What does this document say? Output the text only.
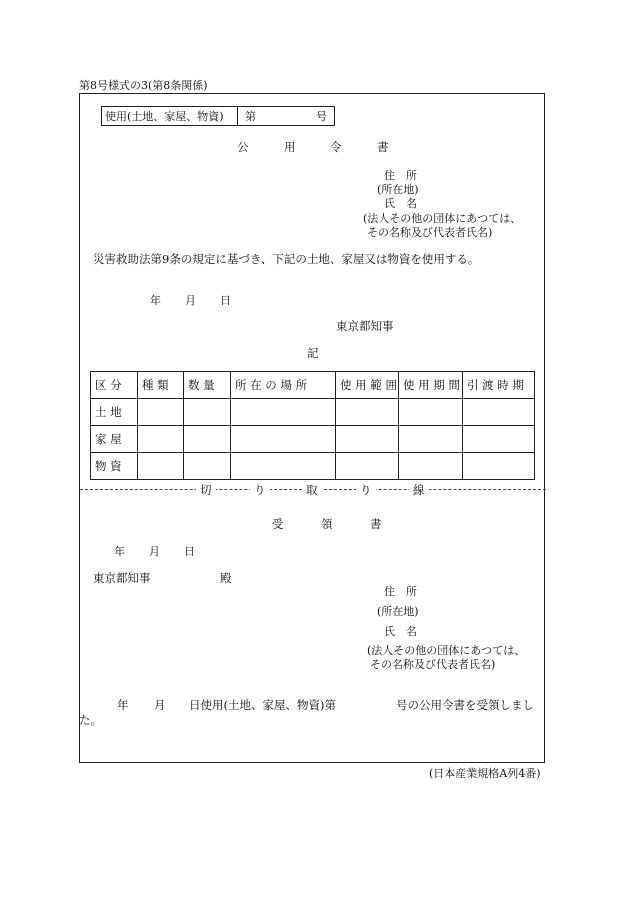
第8号様式の3(第8条関係)
使用(土地、家屋、物資) 第	号
公	用	令	書
住 所
(所在地)
氏 名
(法人その他の団体にあつては、
その名称及び代表者氏名)
災害救助法第9条の規定に基づき、下記の土地、家屋又は物資を使用する。
年 月 日
東京都知事
記
区 分	種 類	数 量	所 在 の 場 所	使 用 範 囲	使 用 期 間	引 渡 時 期
土 地						
家 屋						
物 資						
切	り	取	り	線
受	領	書
年 月 日
東京都知事	殿
住 所
(所在地)
氏 名
(法人その他の団体にあつては、
その名称及び代表者氏名)
年 月 日使用(土地、家屋、物資)第	号の公用令書を受領しまし
た。
(日本産業規格A列4番)
